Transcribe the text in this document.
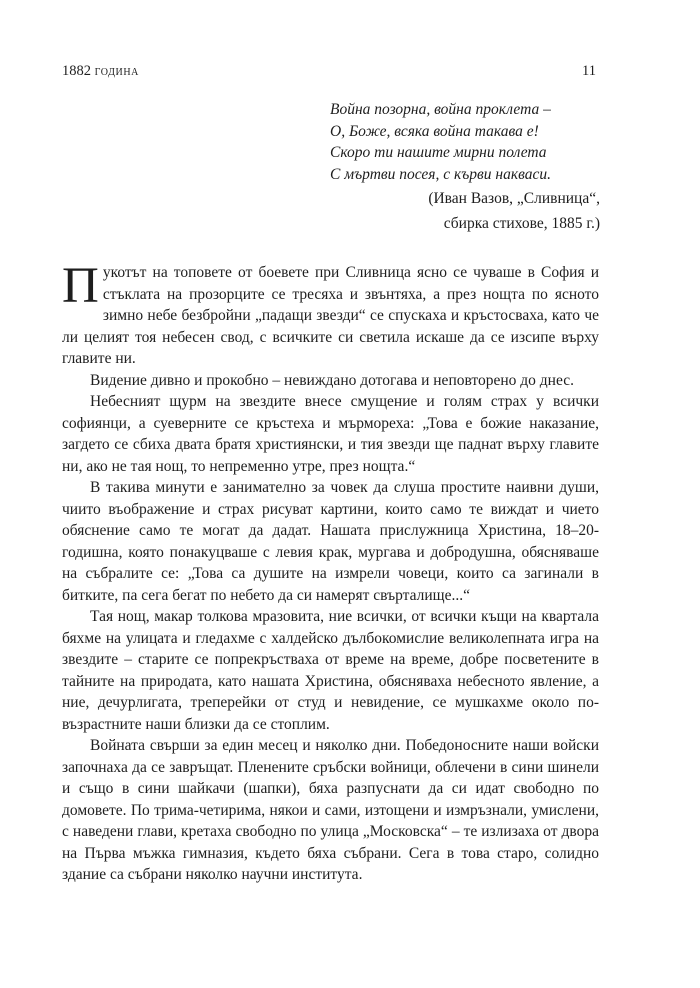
1882 ГОДИНА	11
Война позорна, война проклета –
О, Боже, всяка война такава е!
Скоро ти нашите мирни полета
С мъртви посея, с кърви накваси.
(Иван Вазов, „Сливница“,
сбирка стихове, 1885 г.)

Пукотът на топовете от боевете при Сливница ясно се чуваше в София и стъклата на прозорците се тресяха и звънтяха, а през нощта по ясното зимно небе безбройни „падащи звезди“ се спускаха и кръстосваха, като че ли целият тоя небесен свод, с всичките си светила искаше да се изсипе върху главите ни.

Видение дивно и прокобно – невиждано дотогава и неповторено до днес.

Небесният щурм на звездите внесе смущение и голям страх у всички софиянци, а суеверните се кръстеха и мърмореха: „Това е божие наказание, загдето се сбиха двата братя християнски, и тия звезди ще паднат върху главите ни, ако не тая нощ, то непременно утре, през нощта.“

В такива минути е занимателно за човек да слуша простите наивни души, чиито въображение и страх рисуват картини, които само те виждат и чието обяснение само те могат да дадат. Нашата прислужница Христина, 18–20-годишна, която понакуцваше с левия крак, мургава и добродушна, обясняваше на събралите се: „Това са душите на измрели човеци, които са загинали в битките, па сега бегат по небето да си намерят свърталище...“

Тая нощ, макар толкова мразовита, ние всички, от всички къщи на квартала бяхме на улицата и гледахме с халдейско дълбокомислие великолепната игра на звездите – старите се попрекръстваха от време на време, добре посветените в тайните на природата, като нашата Христина, обясняваха небесното явление, а ние, дечурлигата, треперейки от студ и невидение, се мушкахме около по-възрастните наши близки да се стоплим.

Войната свърши за един месец и няколко дни. Победоносните наши войски започнаха да се завръщат. Пленените сръбски войници, облечени в сини шинели и също в сини шайкачи (шапки), бяха разпуснати да си идат свободно по домовете. По трима-четирима, някои и сами, изтощени и измръзнали, умислени, с наведени глави, кретаха свободно по улица „Московска“ – те излизаха от двора на Първа мъжка гимназия, където бяха събрани. Сега в това старо, солидно здание са събрани няколко научни института.
